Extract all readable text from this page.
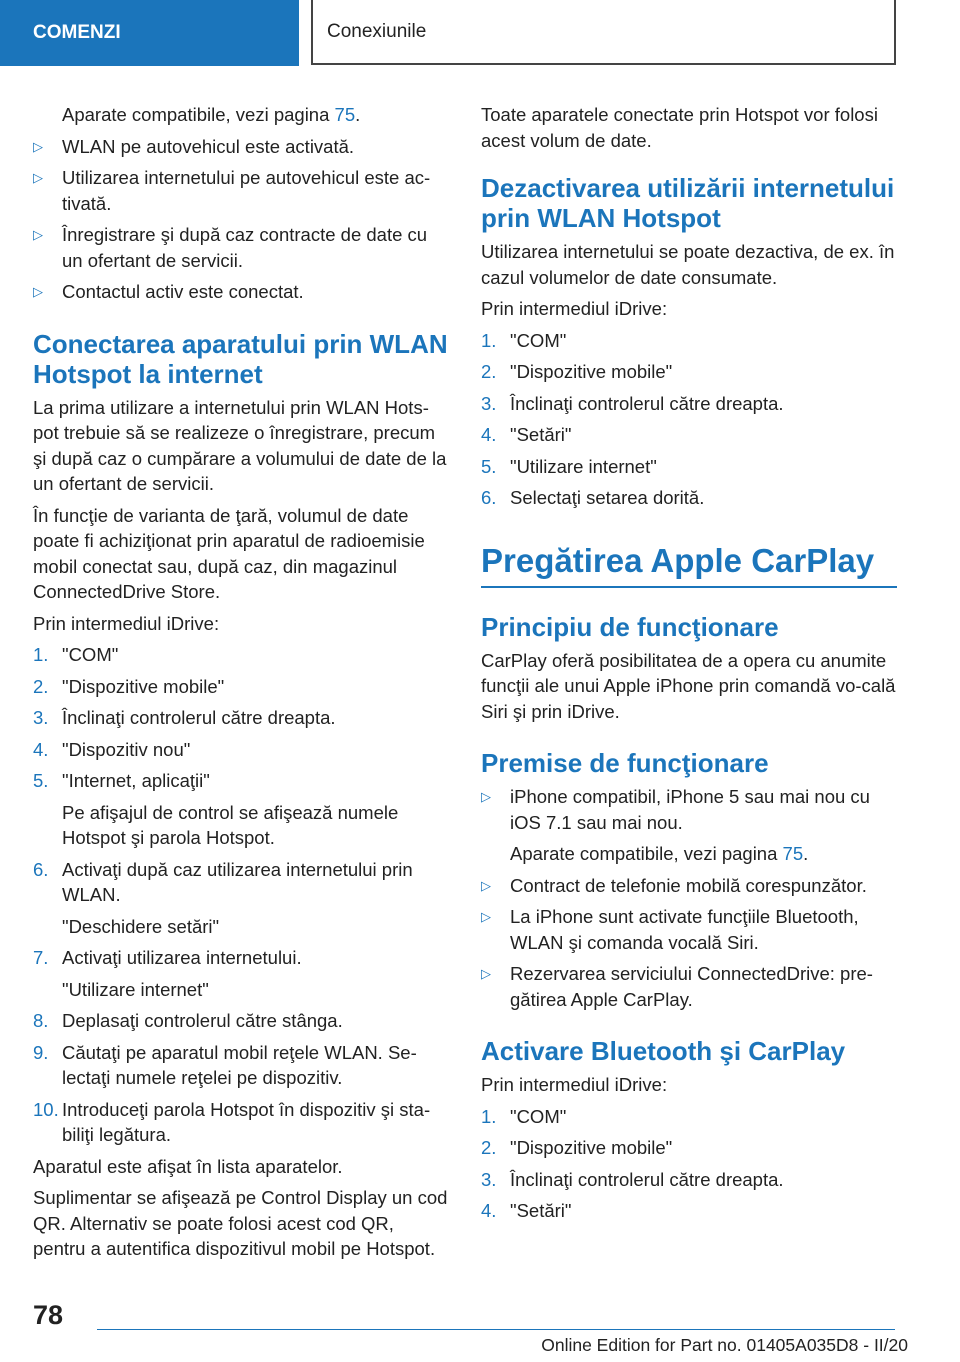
COMENZI	Conexiunile

Aparate compatibile, vezi pagina 75.

▷ WLAN pe autovehicul este activată.
▷ Utilizarea internetului pe autovehicul este ac-tivată.
▷ Înregistrare şi după caz contracte de date cu un ofertant de servicii.
▷ Contactul activ este conectat.
Conectarea aparatului prin WLAN Hotspot la internet

La prima utilizare a internetului prin WLAN Hots-pot trebuie să se realizeze o înregistrare, precum şi după caz o cumpărare a volumului de date de la un ofertant de servicii.

În funcţie de varianta de ţară, volumul de date poate fi achiziţionat prin aparatul de radioemisie mobil conectat sau, după caz, din magazinul ConnectedDrive Store.

Prin intermediul iDrive:

1. "COM"
2. "Dispozitive mobile"
3. Înclinaţi controlerul către dreapta.
4. "Dispozitiv nou"
5. "Internet, aplicaţii"
Pe afişajul de control se afişează numele Hotspot şi parola Hotspot.
6. Activaţi după caz utilizarea internetului prin WLAN.
"Deschidere setări"
7. Activaţi utilizarea internetului.
"Utilizare internet"
8. Deplasaţi controlerul către stânga.
9. Căutaţi pe aparatul mobil reţele WLAN. Se-lectaţi numele reţelei pe dispozitiv.
10. Introduceţi parola Hotspot în dispozitiv şi sta-biliţi legătura.

Aparatul este afişat în lista aparatelor.

Suplimentar se afişează pe Control Display un cod QR. Alternativ se poate folosi acest cod QR, pentru a autentifica dispozitivul mobil pe Hotspot.

Toate aparatele conectate prin Hotspot vor folosi acest volum de date.

Dezactivarea utilizării internetului prin WLAN Hotspot

Utilizarea internetului se poate dezactiva, de ex. în cazul volumelor de date consumate.

Prin intermediul iDrive:

1. "COM"
2. "Dispozitive mobile"
3. Înclinaţi controlerul către dreapta.
4. "Setări"
5. "Utilizare internet"
6. Selectaţi setarea dorită.
Pregătirea Apple CarPlay
Principiu de funcţionare

CarPlay oferă posibilitatea de a opera cu anumite funcţii ale unui Apple iPhone prin comandă vo-cală Siri şi prin iDrive.

Premise de funcţionare
▷ iPhone compatibil, iPhone 5 sau mai nou cu iOS 7.1 sau mai nou.
Aparate compatibile, vezi pagina 75.
▷ Contract de telefonie mobilă corespunzător.
▷ La iPhone sunt activate funcţiile Bluetooth, WLAN şi comanda vocală Siri.
▷ Rezervarea serviciului ConnectedDrive: pre-gătirea Apple CarPlay.
Activare Bluetooth şi CarPlay

Prin intermediul iDrive:

1. "COM"
2. "Dispozitive mobile"
3. Înclinaţi controlerul către dreapta.
4. "Setări"
78
Online Edition for Part no. 01405A035D8 - II/20
